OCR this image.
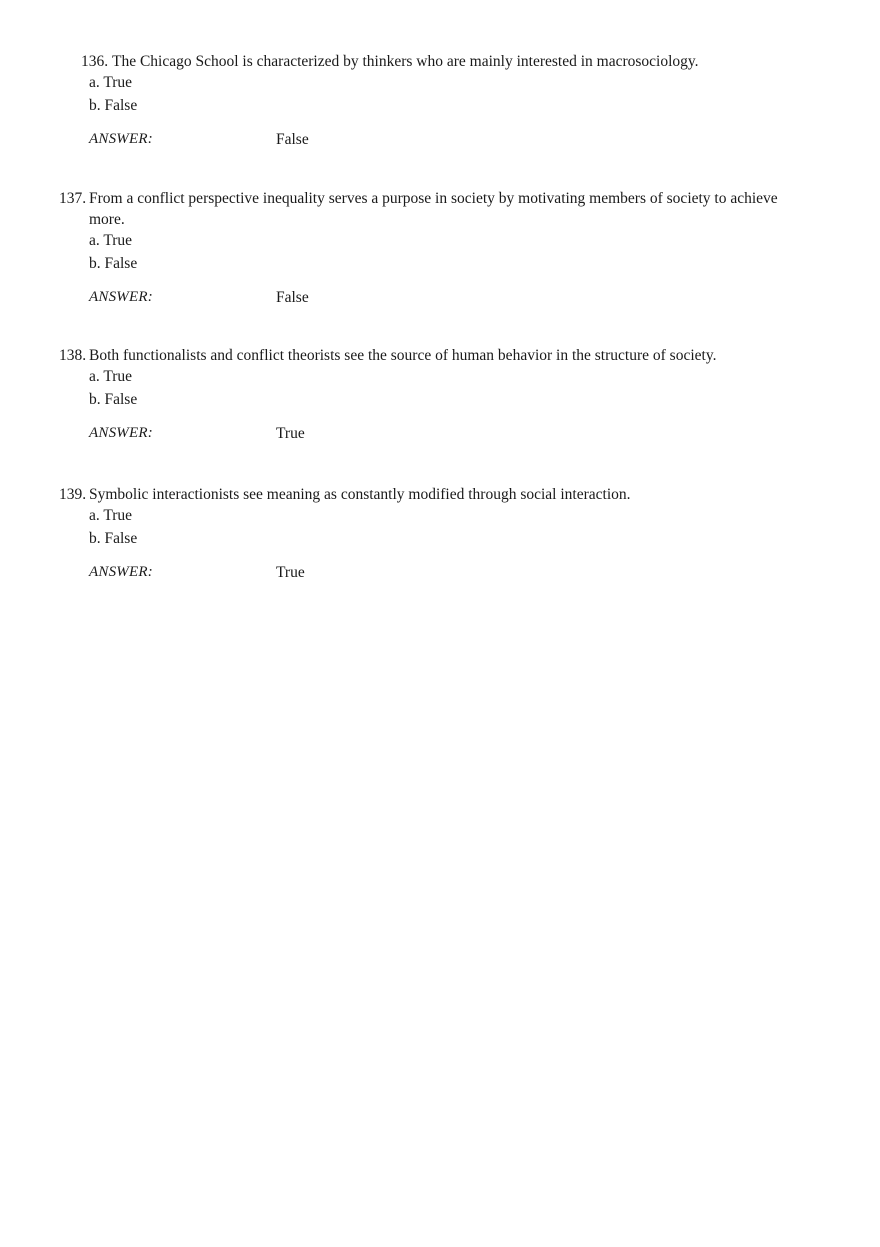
136. The Chicago School is characterized by thinkers who are mainly interested in macrosociology.

a. True
b. False
ANSWER:	False

137. From a conflict perspective inequality serves a purpose in society by motivating members of society to achieve more.

a. True
b. False
ANSWER:	False

138. Both functionalists and conflict theorists see the source of human behavior in the structure of society.

a. True
b. False
ANSWER:	True

139. Symbolic interactionists see meaning as constantly modified through social interaction.

a. True
b. False
ANSWER:	True
